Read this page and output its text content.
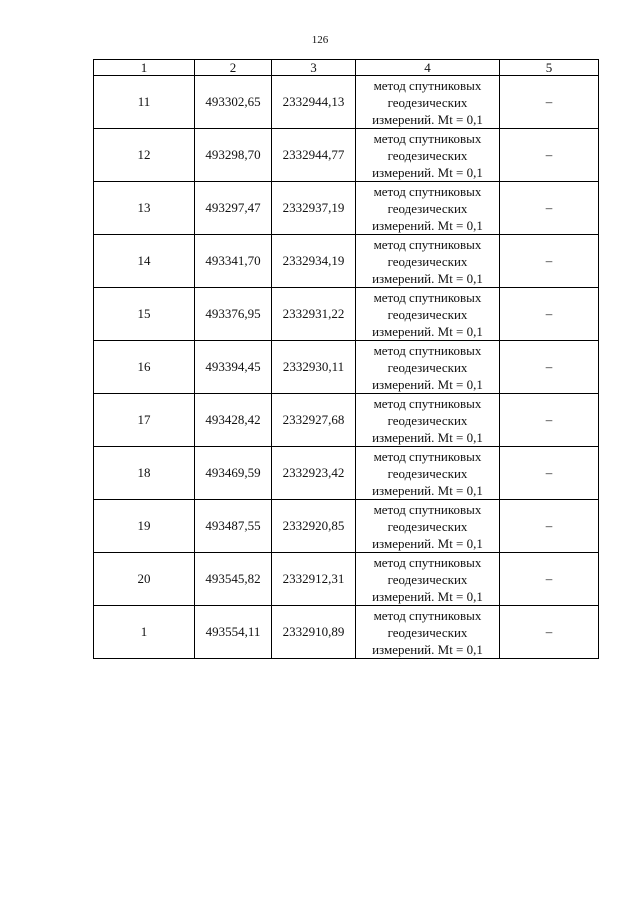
126
1	2	3	4	5
11	493302,65	2332944,13	метод спутниковых
геодезических
измерений. Mt = 0,1	–
12	493298,70	2332944,77	метод спутниковых
геодезических
измерений. Mt = 0,1	–
13	493297,47	2332937,19	метод спутниковых
геодезических
измерений. Mt = 0,1	–
14	493341,70	2332934,19	метод спутниковых
геодезических
измерений. Mt = 0,1	–
15	493376,95	2332931,22	метод спутниковых
геодезических
измерений. Mt = 0,1	–
16	493394,45	2332930,11	метод спутниковых
геодезических
измерений. Mt = 0,1	–
17	493428,42	2332927,68	метод спутниковых
геодезических
измерений. Mt = 0,1	–
18	493469,59	2332923,42	метод спутниковых
геодезических
измерений. Mt = 0,1	–
19	493487,55	2332920,85	метод спутниковых
геодезических
измерений. Mt = 0,1	–
20	493545,82	2332912,31	метод спутниковых
геодезических
измерений. Mt = 0,1	–
1	493554,11	2332910,89	метод спутниковых
геодезических
измерений. Mt = 0,1	–
